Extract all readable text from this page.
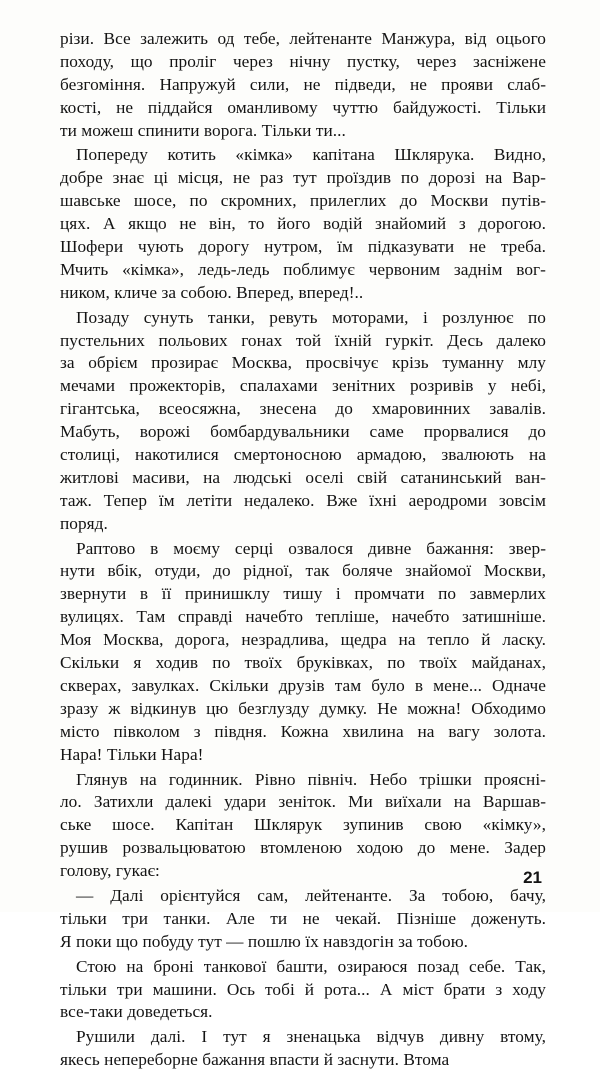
різи. Все залежить од тебе, лейтенанте Манжура, від оцього
походу, що проліг через нічну пустку, через засніжене
безгоміння. Напружуй сили, не підведи, не прояви слаб-
кості, не піддайся оманливому чуттю байдужості. Тільки
ти можеш спинити ворога. Тільки ти...
Попереду котить «кімка» капітана Шклярука. Видно,
добре знає ці місця, не раз тут проїздив по дорозі на Вар-
шавське шосе, по скромних, прилеглих до Москви путів-
цях. А якщо не він, то його водій знайомий з дорогою.
Шофери чують дорогу нутром, їм підказувати не треба.
Мчить «кімка», ледь-ледь поблимує червоним заднім вог-
ником, кличе за собою. Вперед, вперед!..
Позаду сунуть танки, ревуть моторами, і розлунює по
пустельних польових гонах той їхній гуркіт. Десь далеко
за обрієм прозирає Москва, просвічує крізь туманну млу
мечами прожекторів, спалахами зенітних розривів у небі,
гігантська, всеосяжна, знесена до хмаровинних завалів.
Мабуть, ворожі бомбардувальники саме прорвалися до
столиці, накотилися смертоносною армадою, звалюють на
житлові масиви, на людські оселі свій сатанинський ван-
таж. Тепер їм летіти недалеко. Вже їхні аеродроми зовсім
поряд.
Раптово в моєму серці озвалося дивне бажання: звер-
нути вбік, отуди, до рідної, так боляче знайомої Москви,
звернути в її принишклу тишу і промчати по завмерлих
вулицях. Там справді начебто тепліше, начебто затишніше.
Моя Москва, дорога, незрадлива, щедра на тепло й ласку.
Скільки я ходив по твоїх бруківках, по твоїх майданах,
скверах, завулках. Скільки друзів там було в мене... Одначе
зразу ж відкинув цю безглузду думку. Не можна! Обходимо
місто півколом з півдня. Кожна хвилина на вагу золота.
Нара! Тільки Нара!
Глянув на годинник. Рівно північ. Небо трішки прояснi-
ло. Затихли далекі удари зеніток. Ми виїхали на Варшав-
ське шосе. Капітан Шклярук зупинив свою «кімку»,
рушив розвальцюватою втомленою ходою до мене. Задер
голову, гукає:
— Далі орієнтуйся сам, лейтенанте. За тобою, бачу,
тільки три танки. Але ти не чекай. Пізніше доженуть.
Я поки що побуду тут — пошлю їх навздогін за тобою.
Стою на броні танкової башти, озираюся позад себе. Так,
тільки три машини. Ось тобі й рота... А міст брати з ходу
все-таки доведеться.
Рушили далі. І тут я зненацька відчув дивну втому,
якесь непереборне бажання впасти й заснути. Втома
21
